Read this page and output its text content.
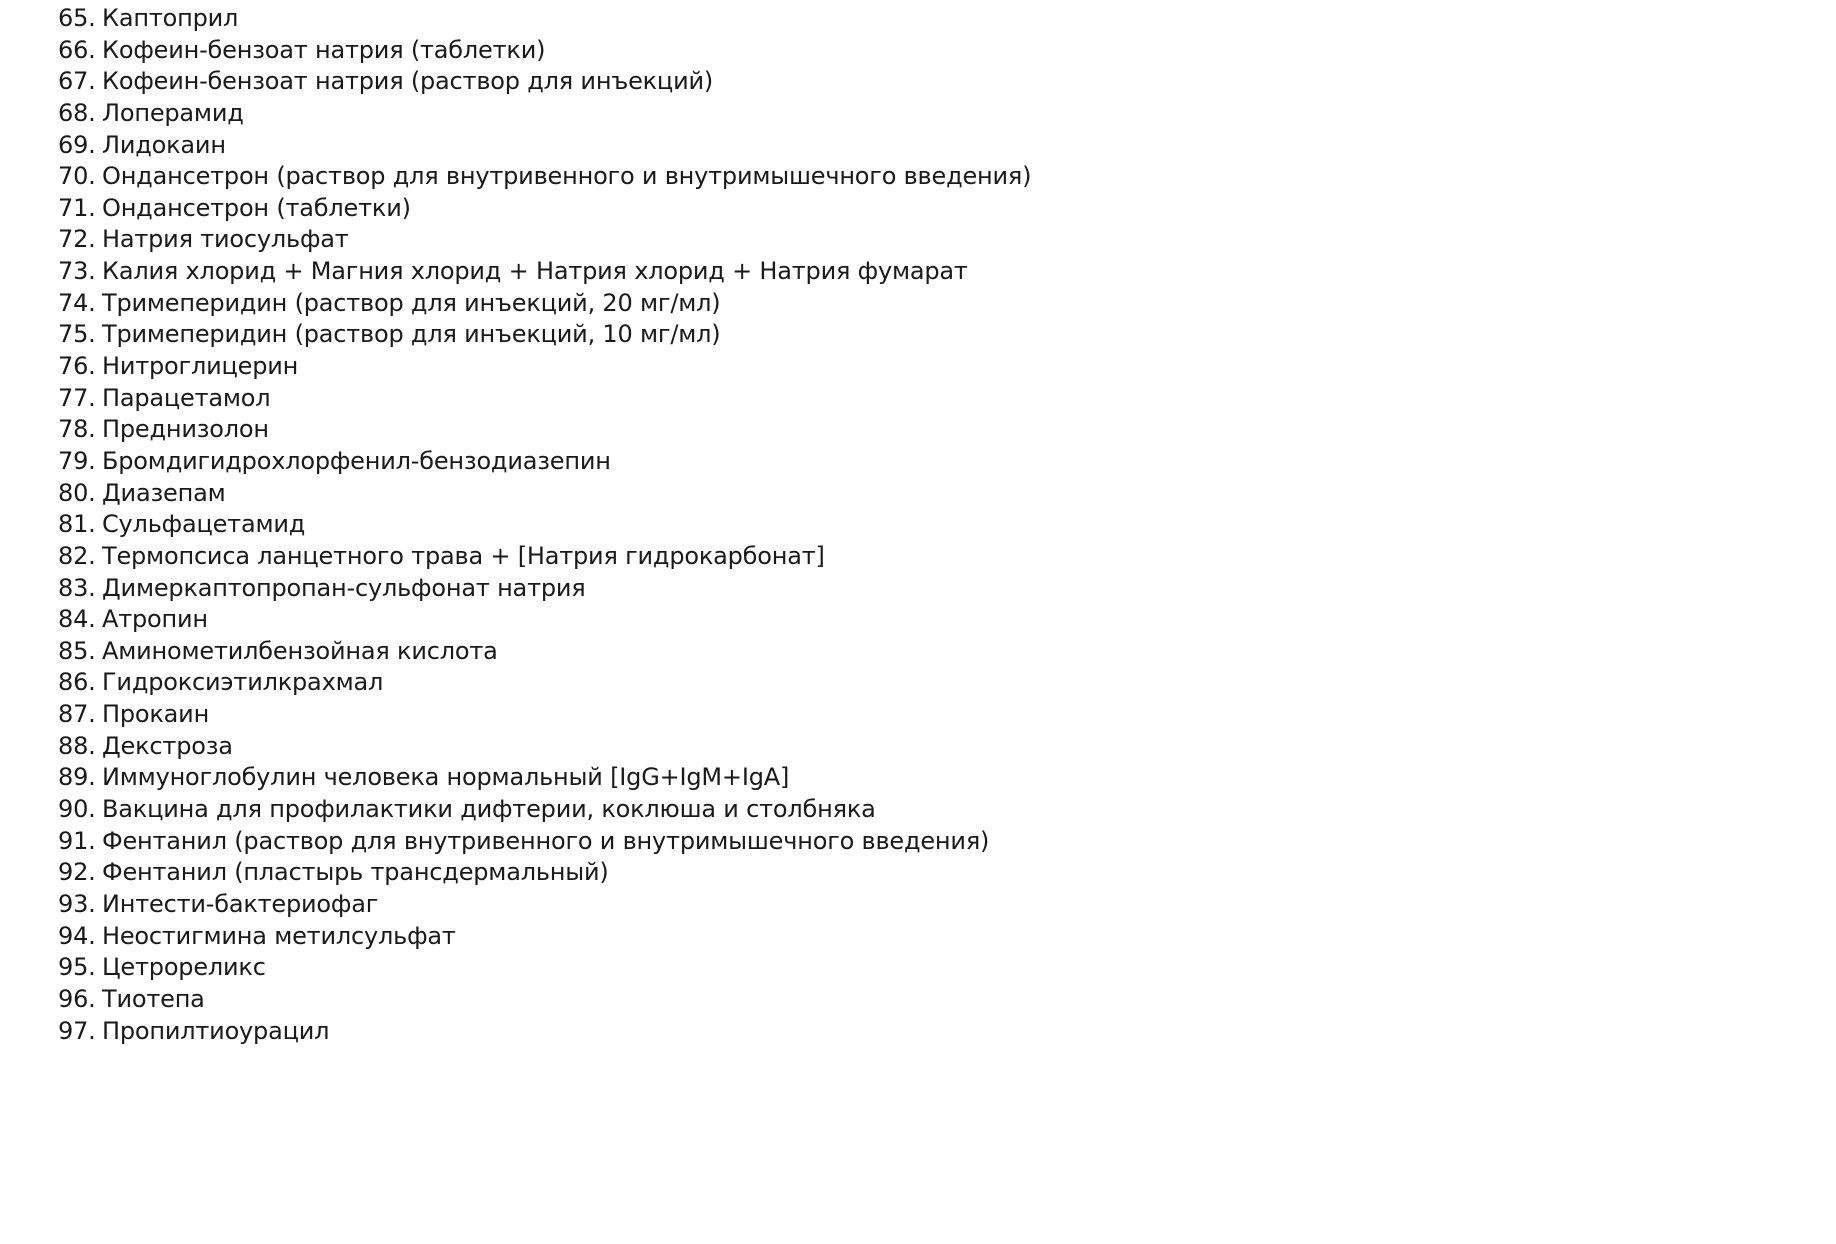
65. Каптоприл
66. Кофеин-бензоат натрия (таблетки)
67. Кофеин-бензоат натрия (раствор для инъекций)
68. Лоперамид
69. Лидокаин
70. Ондансетрон (раствор для внутривенного и внутримышечного введения)
71. Ондансетрон (таблетки)
72. Натрия тиосульфат
73. Калия хлорид + Магния хлорид + Натрия хлорид + Натрия фумарат
74. Тримеперидин (раствор для инъекций, 20 мг/мл)
75. Тримеперидин (раствор для инъекций, 10 мг/мл)
76. Нитроглицерин
77. Парацетамол
78. Преднизолон
79. Бромдигидрохлорфенил-бензодиазепин
80. Диазепам
81. Сульфацетамид
82. Термопсиса ланцетного трава + [Натрия гидрокарбонат]
83. Димеркаптопропан-сульфонат натрия
84. Атропин
85. Аминометилбензойная кислота
86. Гидроксиэтилкрахмал
87. Прокаин
88. Декстроза
89. Иммуноглобулин человека нормальный [IgG+IgM+IgA]
90. Вакцина для профилактики дифтерии, коклюша и столбняка
91. Фентанил (раствор для внутривенного и внутримышечного введения)
92. Фентанил (пластырь трансдермальный)
93. Интести-бактериофаг
94. Неостигмина метилсульфат
95. Цетрореликс
96. Тиотепа
97. Пропилтиоурацил
